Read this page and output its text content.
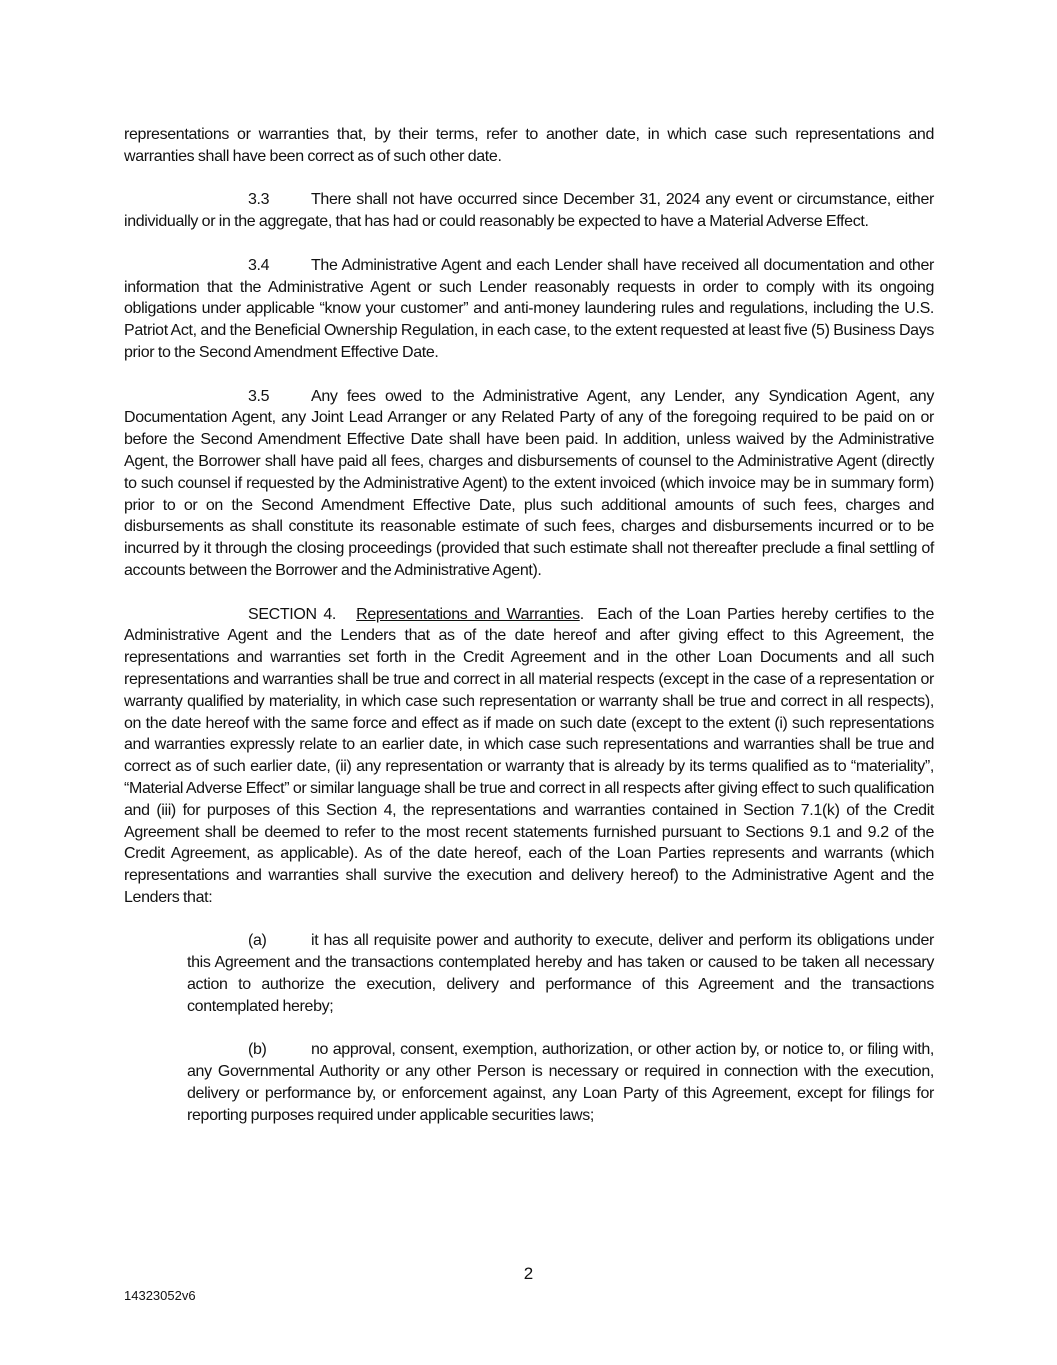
representations or warranties that, by their terms, refer to another date, in which case such representations and warranties shall have been correct as of such other date.

3.3	There shall not have occurred since December 31, 2024 any event or circumstance, either individually or in the aggregate, that has had or could reasonably be expected to have a Material Adverse Effect.

3.4	The Administrative Agent and each Lender shall have received all documentation and other information that the Administrative Agent or such Lender reasonably requests in order to comply with its ongoing obligations under applicable “know your customer” and anti-money laundering rules and regulations, including the U.S. Patriot Act, and the Beneficial Ownership Regulation, in each case, to the extent requested at least five (5) Business Days prior to the Second Amendment Effective Date.

3.5	Any fees owed to the Administrative Agent, any Lender, any Syndication Agent, any Documentation Agent, any Joint Lead Arranger or any Related Party of any of the foregoing required to be paid on or before the Second Amendment Effective Date shall have been paid. In addition, unless waived by the Administrative Agent, the Borrower shall have paid all fees, charges and disbursements of counsel to the Administrative Agent (directly to such counsel if requested by the Administrative Agent) to the extent invoiced (which invoice may be in summary form) prior to or on the Second Amendment Effective Date, plus such additional amounts of such fees, charges and disbursements as shall constitute its reasonable estimate of such fees, charges and disbursements incurred or to be incurred by it through the closing proceedings (provided that such estimate shall not thereafter preclude a final settling of accounts between the Borrower and the Administrative Agent).

SECTION 4. Representations and Warranties.  Each of the Loan Parties hereby certifies to the Administrative Agent and the Lenders that as of the date hereof and after giving effect to this Agreement, the representations and warranties set forth in the Credit Agreement and in the other Loan Documents and all such representations and warranties shall be true and correct in all material respects (except in the case of a representation or warranty qualified by materiality, in which case such representation or warranty shall be true and correct in all respects), on the date hereof with the same force and effect as if made on such date (except to the extent (i) such representations and warranties expressly relate to an earlier date, in which case such representations and warranties shall be true and correct as of such earlier date, (ii) any representation or warranty that is already by its terms qualified as to “materiality”, “Material Adverse Effect” or similar language shall be true and correct in all respects after giving effect to such qualification and (iii) for purposes of this Section 4, the representations and warranties contained in Section 7.1(k) of the Credit Agreement shall be deemed to refer to the most recent statements furnished pursuant to Sections 9.1 and 9.2 of the Credit Agreement, as applicable). As of the date hereof, each of the Loan Parties represents and warrants (which representations and warranties shall survive the execution and delivery hereof) to the Administrative Agent and the Lenders that:

(a)	it has all requisite power and authority to execute, deliver and perform its obligations under this Agreement and the transactions contemplated hereby and has taken or caused to be taken all necessary action to authorize the execution, delivery and performance of this Agreement and the transactions contemplated hereby;

(b)	no approval, consent, exemption, authorization, or other action by, or notice to, or filing with, any Governmental Authority or any other Person is necessary or required in connection with the execution, delivery or performance by, or enforcement against, any Loan Party of this Agreement, except for filings for reporting purposes required under applicable securities laws;

2
14323052v6
